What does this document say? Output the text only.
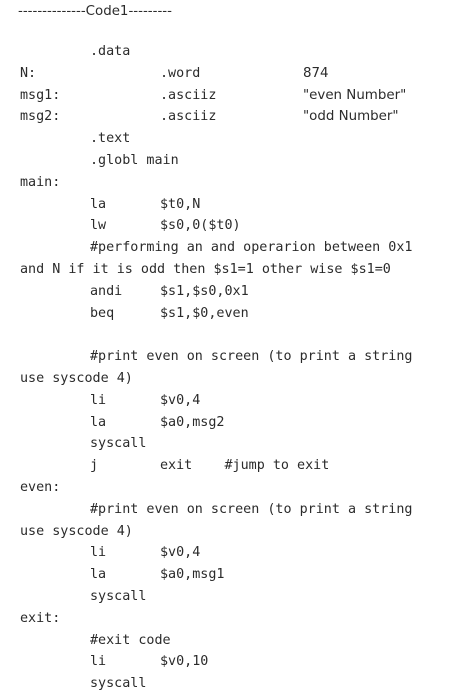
--------------Code1---------

.data
N:	.word	874
msg1:	.asciiz	"even Number"
msg2:	.asciiz	"odd Number"
.text
.globl main
main:
la	$t0,N
lw	$s0,0($t0)
#performing an and operarion between 0x1
and N if it is odd then $s1=1 other wise $s1=0
andi	$s1,$s0,0x1
beq	$s1,$0,even
#print even on screen (to print a string
use syscode 4)
li	$v0,4
la	$a0,msg2
syscall
j	exit    #jump to exit
even:
#print even on screen (to print a string
use syscode 4)
li	$v0,4
la	$a0,msg1
syscall
exit:
#exit code
li	$v0,10
syscall
